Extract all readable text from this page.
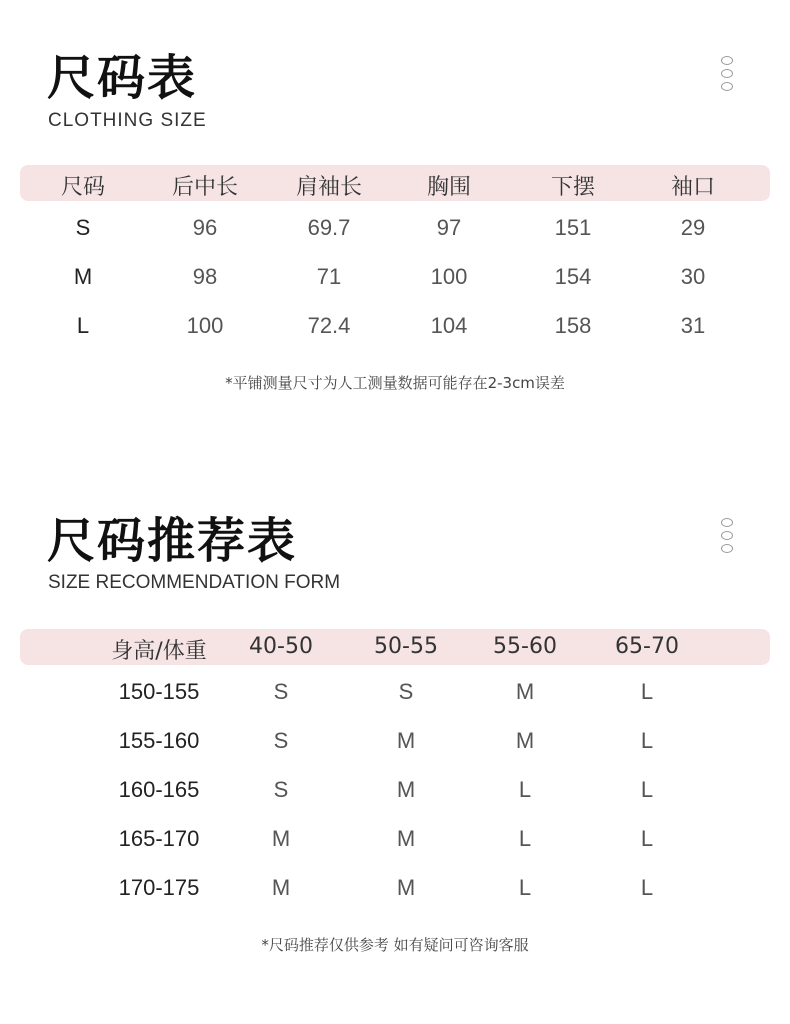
尺码表
CLOTHING SIZE
尺码	后中长	肩袖长	胸围	下摆	袖口
S	96	69.7	97	151	29
M	98	71	100	154	30
L	100	72.4	104	158	31
*平铺测量尺寸为人工测量数据可能存在2-3cm误差
尺码推荐表
SIZE RECOMMENDATION FORM
身高/体重 40-50	50-55	55-60	65-70
150-155	S	S	M	L
155-160	S	M	M	L
160-165	S	M	L	L
165-170	M	M	L	L
170-175	M	M	L	L
*尺码推荐仅供参考 如有疑问可咨询客服
